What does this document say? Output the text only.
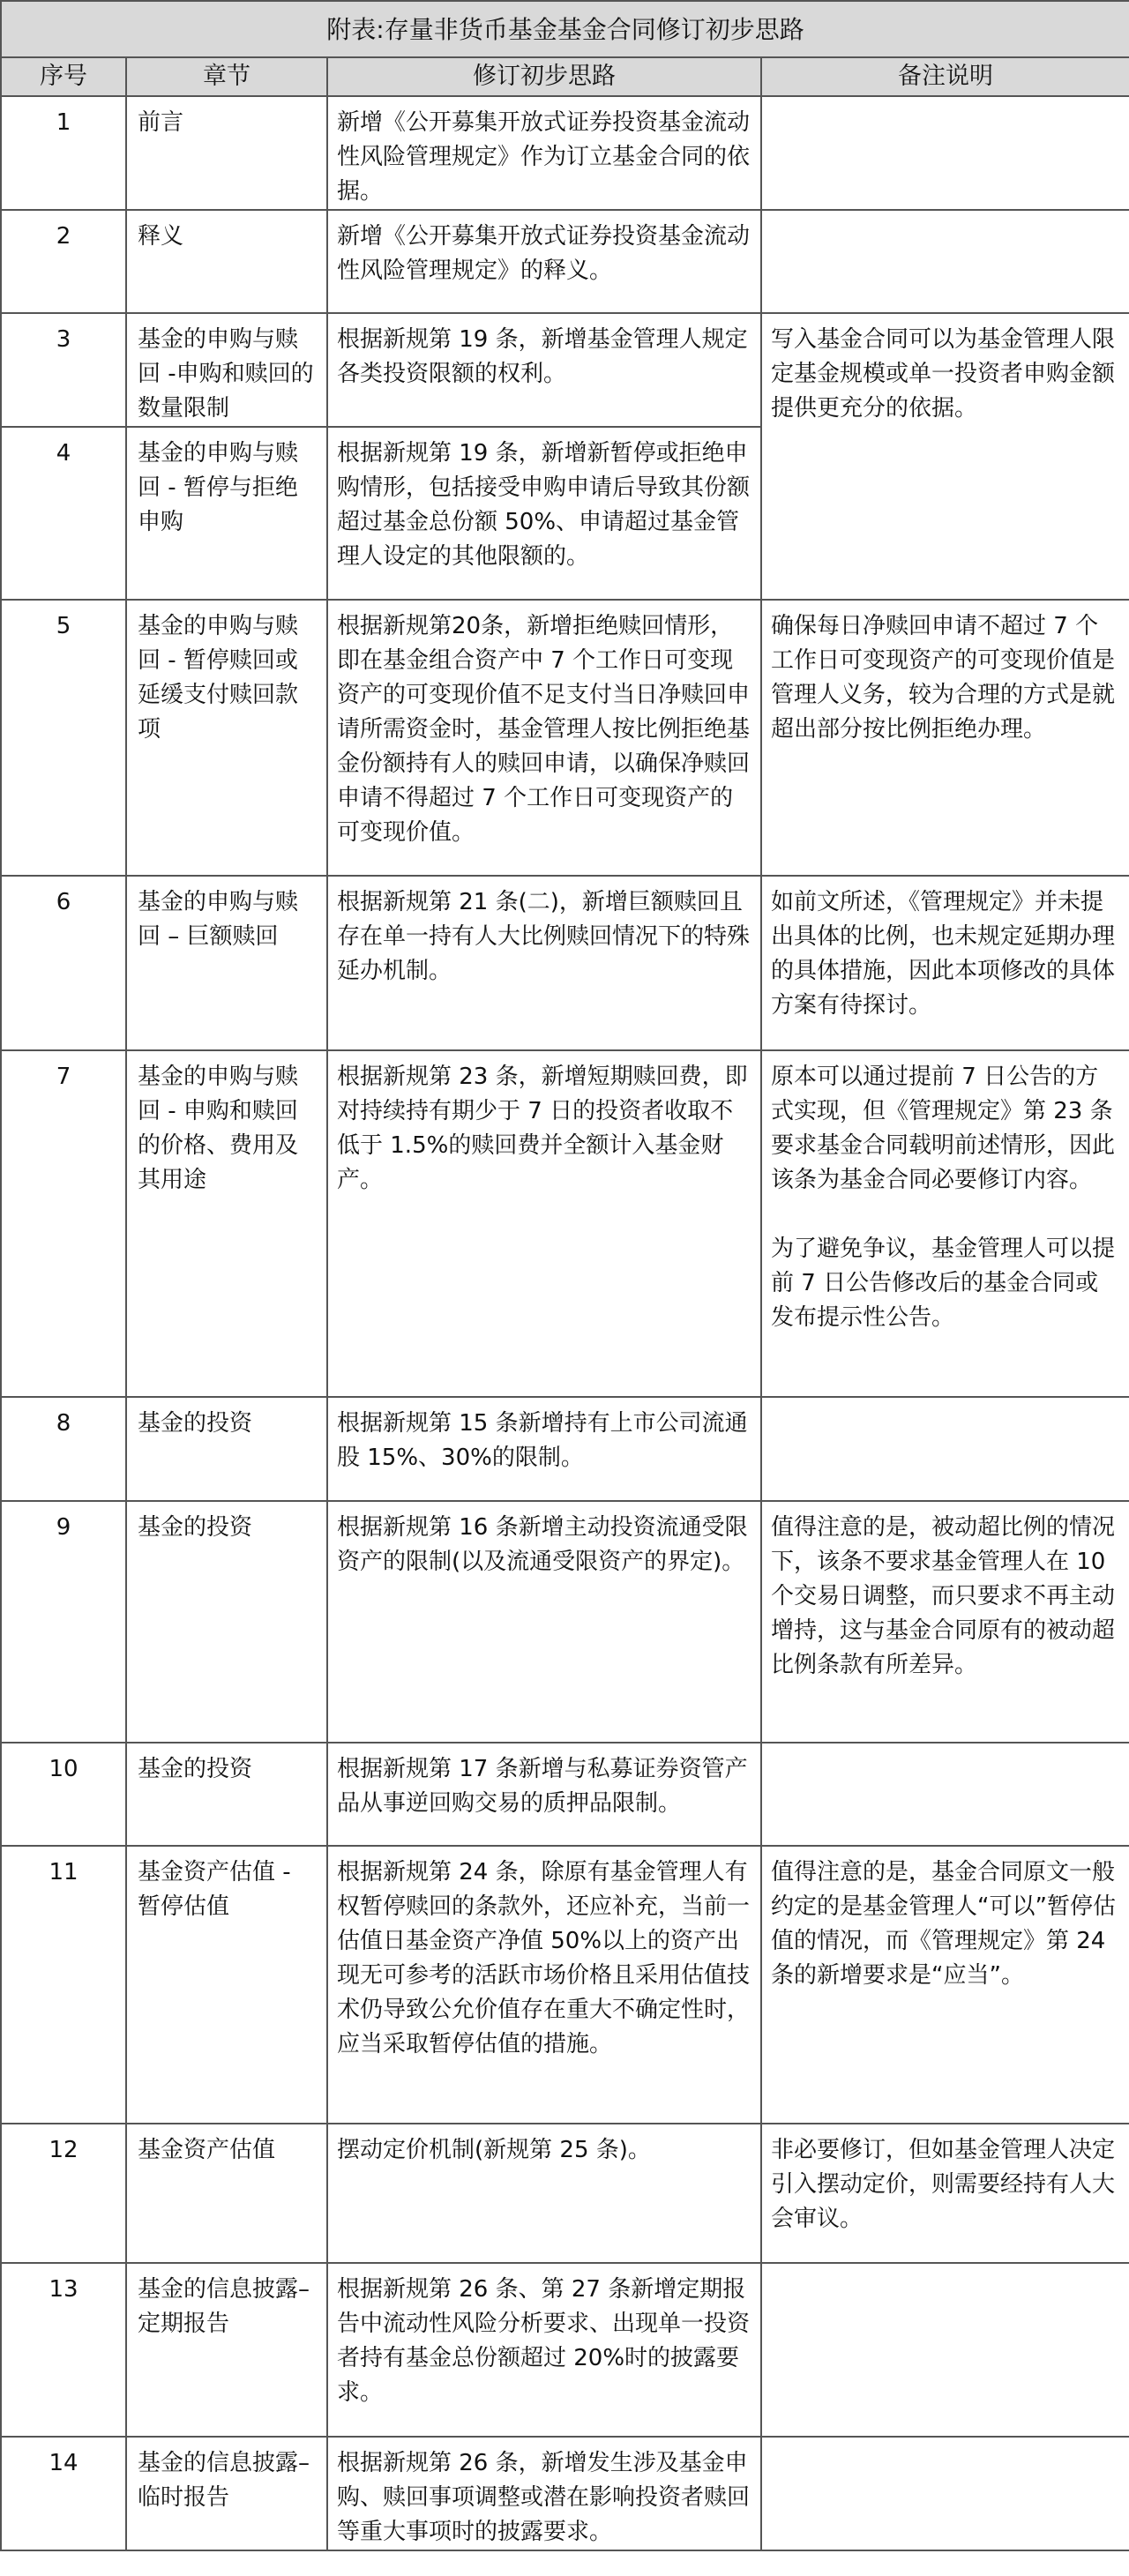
附表:存量非货币基金基金合同修订初步思路			
序号	章节	修订初步思路	备注说明
1	前言	新增《公开募集开放式证券投资基金流动性风险管理规定》作为订立基金合同的依据。	
2	释义	新增《公开募集开放式证券投资基金流动性风险管理规定》的释义。	
3	基金的申购与赎回 -申购和赎回的数量限制	根据新规第 19 条，新增基金管理人规定各类投资限额的权利。	写入基金合同可以为基金管理人限定基金规模或单一投资者申购金额提供更充分的依据。
4	基金的申购与赎回 - 暂停与拒绝申购	根据新规第 19 条，新增新暂停或拒绝申购情形，包括接受申购申请后导致其份额超过基金总份额 50%、申请超过基金管理人设定的其他限额的。	
5	基金的申购与赎回 - 暂停赎回或延缓支付赎回款项	根据新规第20条，新增拒绝赎回情形，即在基金组合资产中 7 个工作日可变现资产的可变现价值不足支付当日净赎回申请所需资金时，基金管理人按比例拒绝基金份额持有人的赎回申请，以确保净赎回申请不得超过 7 个工作日可变现资产的可变现价值。	确保每日净赎回申请不超过 7 个工作日可变现资产的可变现价值是管理人义务，较为合理的方式是就超出部分按比例拒绝办理。
6	基金的申购与赎回 – 巨额赎回	根据新规第 21 条(二)，新增巨额赎回且存在单一持有人大比例赎回情况下的特殊延办机制。	如前文所述，《管理规定》并未提出具体的比例，也未规定延期办理的具体措施，因此本项修改的具体方案有待探讨。
7	基金的申购与赎回 - 申购和赎回的价格、费用及其用途	根据新规第 23 条，新增短期赎回费，即对持续持有期少于 7 日的投资者收取不低于 1.5%的赎回费并全额计入基金财产。	原本可以通过提前 7 日公告的方式实现，但《管理规定》第 23 条要求基金合同载明前述情形，因此该条为基金合同必要修订内容。

为了避免争议，基金管理人可以提前 7 日公告修改后的基金合同或发布提示性公告。

8	基金的投资	根据新规第 15 条新增持有上市公司流通股 15%、30%的限制。	
9	基金的投资	根据新规第 16 条新增主动投资流通受限资产的限制(以及流通受限资产的界定)。	值得注意的是，被动超比例的情况下，该条不要求基金管理人在 10 个交易日调整，而只要求不再主动增持，这与基金合同原有的被动超比例条款有所差异。
10	基金的投资	根据新规第 17 条新增与私募证券资管产品从事逆回购交易的质押品限制。	
11	基金资产估值 - 暂停估值	根据新规第 24 条，除原有基金管理人有权暂停赎回的条款外，还应补充，当前一估值日基金资产净值 50%以上的资产出现无可参考的活跃市场价格且采用估值技术仍导致公允价值存在重大不确定性时，应当采取暂停估值的措施。	值得注意的是，基金合同原文一般约定的是基金管理人“可以”暂停估值的情况，而《管理规定》第 24 条的新增要求是“应当”。
12	基金资产估值	摆动定价机制(新规第 25 条)。	非必要修订，但如基金管理人决定引入摆动定价，则需要经持有人大会审议。
13	基金的信息披露–定期报告	根据新规第 26 条、第 27 条新增定期报告中流动性风险分析要求、出现单一投资者持有基金总份额超过 20%时的披露要求。	
14	基金的信息披露–临时报告	根据新规第 26 条，新增发生涉及基金申购、赎回事项调整或潜在影响投资者赎回等重大事项时的披露要求。	
